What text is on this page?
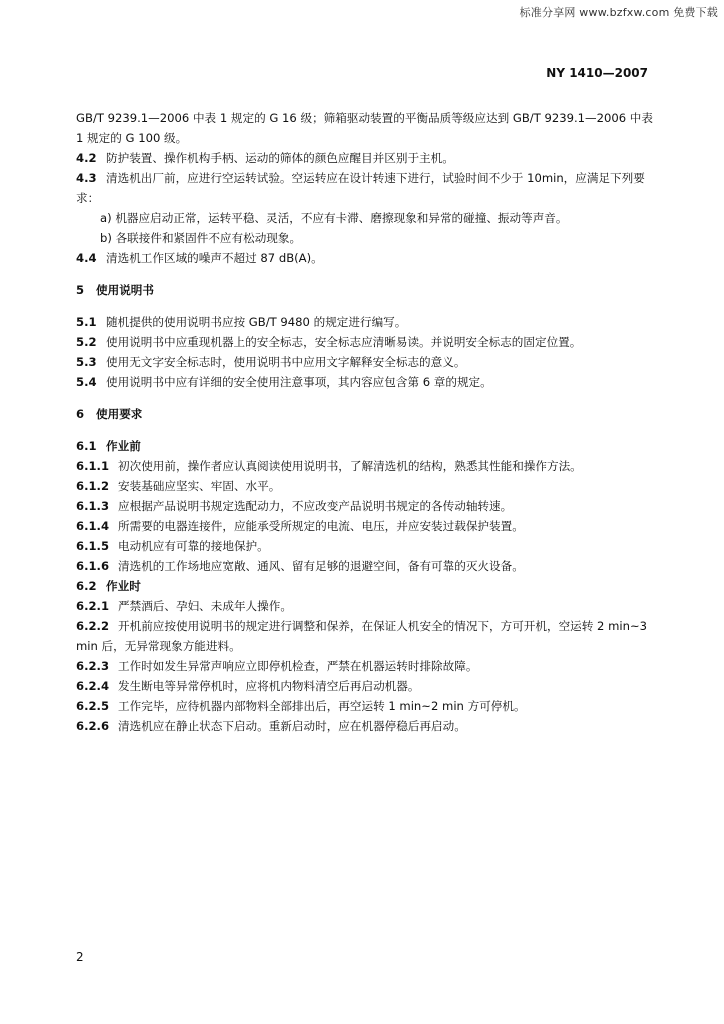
标准分享网 www.bzfxw.com 免费下载
NY 1410—2007

GB/T 9239.1—2006 中表 1 规定的 G 16 级；筛箱驱动装置的平衡品质等级应达到 GB/T 9239.1—2006 中表 1 规定的 G 100 级。

4.2 防护装置、操作机构手柄、运动的筛体的颜色应醒目并区别于主机。

4.3 清选机出厂前，应进行空运转试验。空运转应在设计转速下进行，试验时间不少于 10min，应满足下列要求：

a) 机器应启动正常，运转平稳、灵活，不应有卡滞、磨擦现象和异常的碰撞、振动等声音。

b) 各联接件和紧固件不应有松动现象。

4.4 清选机工作区域的噪声不超过 87 dB(A)。

5 使用说明书

5.1 随机提供的使用说明书应按 GB/T 9480 的规定进行编写。

5.2 使用说明书中应重现机器上的安全标志，安全标志应清晰易读。并说明安全标志的固定位置。

5.3 使用无文字安全标志时，使用说明书中应用文字解释安全标志的意义。

5.4 使用说明书中应有详细的安全使用注意事项，其内容应包含第 6 章的规定。

6 使用要求

6.1 作业前

6.1.1 初次使用前，操作者应认真阅读使用说明书，了解清选机的结构，熟悉其性能和操作方法。

6.1.2 安装基础应坚实、牢固、水平。

6.1.3 应根据产品说明书规定选配动力，不应改变产品说明书规定的各传动轴转速。

6.1.4 所需要的电器连接件，应能承受所规定的电流、电压，并应安装过载保护装置。

6.1.5 电动机应有可靠的接地保护。

6.1.6 清选机的工作场地应宽敞、通风、留有足够的退避空间，备有可靠的灭火设备。

6.2 作业时

6.2.1 严禁酒后、孕妇、未成年人操作。

6.2.2 开机前应按使用说明书的规定进行调整和保养，在保证人机安全的情况下，方可开机，空运转 2 min~3min 后，无异常现象方能进料。

6.2.3 工作时如发生异常声响应立即停机检查，严禁在机器运转时排除故障。

6.2.4 发生断电等异常停机时，应将机内物料清空后再启动机器。

6.2.5 工作完毕，应待机器内部物料全部排出后，再空运转 1 min~2 min 方可停机。

6.2.6 清选机应在静止状态下启动。重新启动时，应在机器停稳后再启动。

2
